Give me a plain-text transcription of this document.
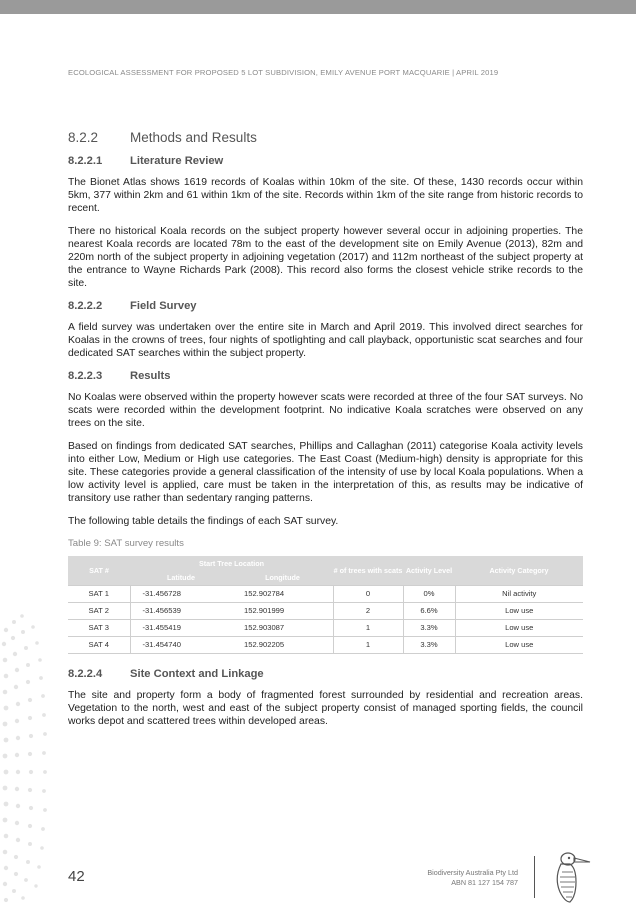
ECOLOGICAL ASSESSMENT FOR PROPOSED 5 LOT SUBDIVISION, EMILY AVENUE PORT MACQUARIE | APRIL 2019
8.2.2	Methods and Results
8.2.2.1	Literature Review

The Bionet Atlas shows 1619 records of Koalas within 10km of the site. Of these, 1430 records occur within 5km, 377 within 2km and 61 within 1km of the site. Records within 1km of the site range from historic records to recent.

There no historical Koala records on the subject property however several occur in adjoining properties. The nearest Koala records are located 78m to the east of the development site on Emily Avenue (2013), 82m and 220m north of the subject property in adjoining vegetation (2017) and 112m northeast of the subject property at the entrance to Wayne Richards Park (2008). This record also forms the closest vehicle strike records to the site.

8.2.2.2	Field Survey

A field survey was undertaken over the entire site in March and April 2019. This involved direct searches for Koalas in the crowns of trees, four nights of spotlighting and call playback, opportunistic scat searches and four dedicated SAT searches within the subject property.

8.2.2.3	Results

No Koalas were observed within the property however scats were recorded at three of the four SAT surveys. No scats were recorded within the development footprint. No indicative Koala scratches were observed on any trees on the site.

Based on findings from dedicated SAT searches, Phillips and Callaghan (2011) categorise Koala activity levels into either Low, Medium or High use categories. The East Coast (Medium-high) density is appropriate for this site. These categories provide a general classification of the intensity of use by local Koala populations. When a low activity level is applied, care must be taken in the interpretation of this, as results may be indicative of transitory use rather than sedentary ranging patterns.

The following table details the findings of each SAT survey.

Table 9: SAT survey results
SAT #	Start Tree Location		# of trees with scats	Activity Level	Activity Category
	Latitude	Longitude			
SAT 1	-31.456728	152.902784	0	0%	Nil activity
SAT 2	-31.456539	152.901999	2	6.6%	Low use
SAT 3	-31.455419	152.903087	1	3.3%	Low use
SAT 4	-31.454740	152.902205	1	3.3%	Low use
8.2.2.4	Site Context and Linkage

The site and property form a body of fragmented forest surrounded by residential and recreation areas. Vegetation to the north, west and east of the subject property consist of managed sporting fields, the council works depot and scattered trees within developed areas.

42	Biodiversity Australia Pty Ltd
ABN 81 127 154 787
